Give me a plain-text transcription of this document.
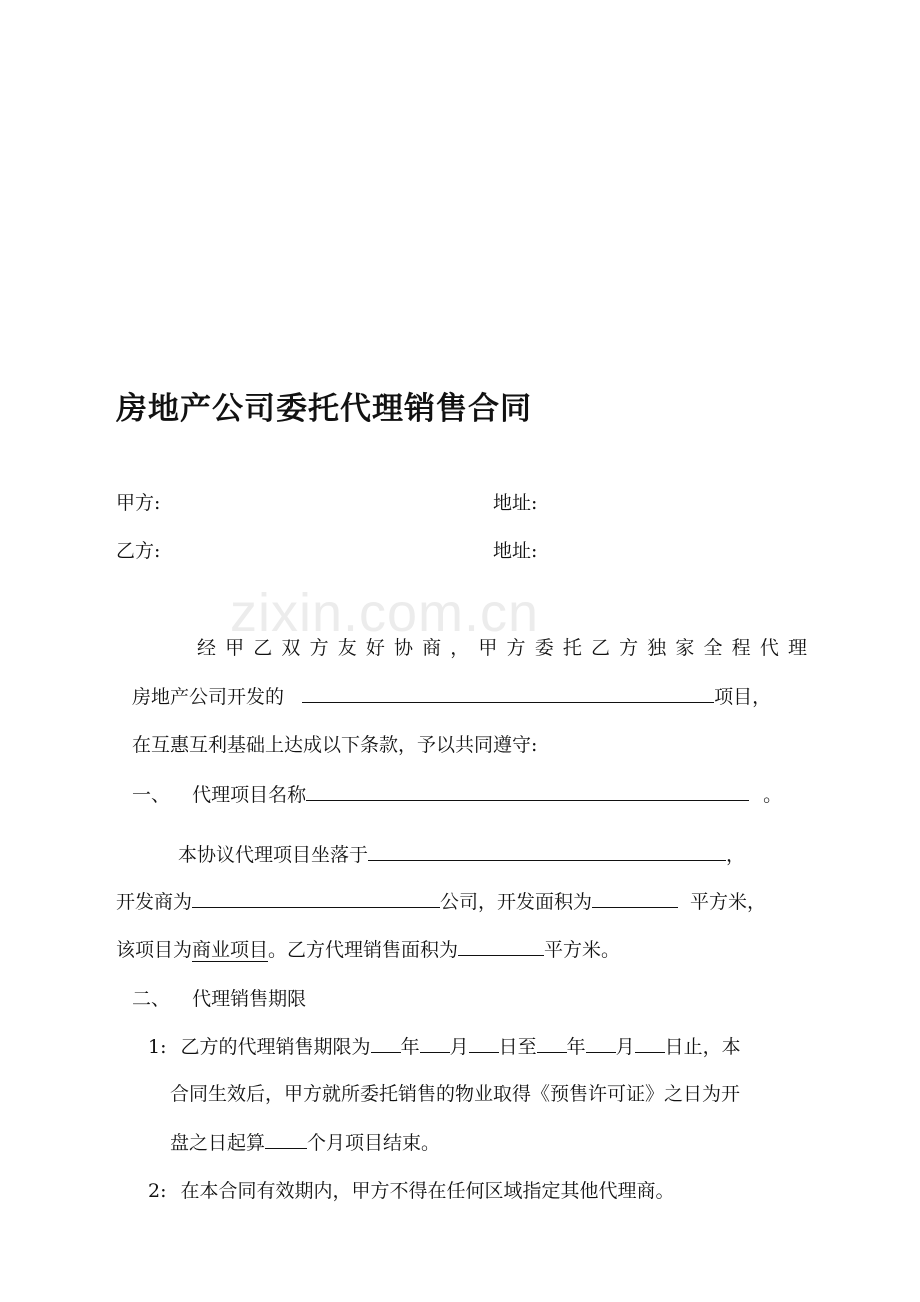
zixin.com.cn
房地产公司委托代理销售合同
甲方:	地址:
乙方:	地址:
经 甲 乙 双 方 友 好 协 商 ， 甲 方 委 托 乙 方 独 家 全 程 代 理
房地产公司开发的	项目，
在互惠互利基础上达成以下条款，予以共同遵守:
一、 代理项目名称	。
本协议代理项目坐落于	，
开发商为	公司，开发面积为	平方米，
该项目为商业项目。乙方代理销售面积为	平方米。
二、 代理销售期限
1: 乙方的代理销售期限为 年 月 日至 年 月 日止，本
合同生效后，甲方就所委托销售的物业取得《预售许可证》之日为开
盘之日起算 个月项目结束。
2: 在本合同有效期内，甲方不得在任何区域指定其他代理商。
